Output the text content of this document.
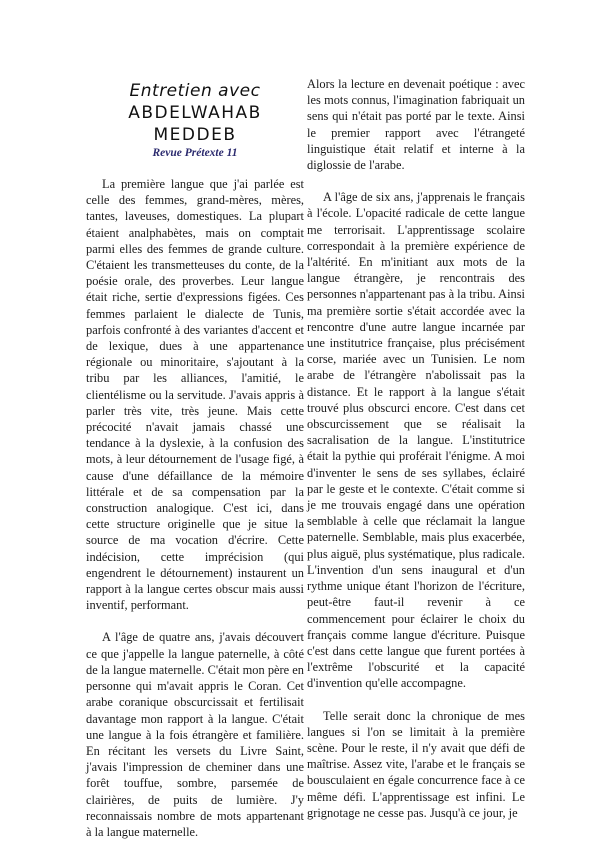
Entretien avec
ABDELWAHAB
MEDDEB
Revue Prétexte 11

La première langue que j'ai parlée est celle des femmes, grand-mères, mères, tantes, laveuses, domestiques. La plupart étaient analphabètes, mais on comptait parmi elles des femmes de grande culture. C'étaient les transmetteuses du conte, de la poésie orale, des proverbes. Leur langue était riche, sertie d'expressions figées. Ces femmes parlaient le dialecte de Tunis, parfois confronté à des variantes d'accent et de lexique, dues à une appartenance régionale ou minoritaire, s'ajoutant à la tribu par les alliances, l'amitié, le clientélisme ou la servitude. J'avais appris à parler très vite, très jeune. Mais cette précocité n'avait jamais chassé une tendance à la dyslexie, à la confusion des mots, à leur détournement de l'usage figé, à cause d'une défaillance de la mémoire littérale et de sa compensation par la construction analogique. C'est ici, dans cette structure originelle que je situe la source de ma vocation d'écrire. Cette indécision, cette imprécision (qui engendrent le détournement) instaurent un rapport à la langue certes obscur mais aussi inventif, performant.

A l'âge de quatre ans, j'avais découvert ce que j'appelle la langue paternelle, à côté de la langue maternelle. C'était mon père en personne qui m'avait appris le Coran. Cet arabe coranique obscurcissait et fertilisait davantage mon rapport à la langue. C'était une langue à la fois étrangère et familière. En récitant les versets du Livre Saint, j'avais l'impression de cheminer dans une forêt touffue, sombre, parsemée de clairières, de puits de lumière. J'y reconnaissais nombre de mots appartenant à la langue maternelle.

Alors la lecture en devenait poétique : avec les mots connus, l'imagination fabriquait un sens qui n'était pas porté par le texte. Ainsi le premier rapport avec l'étrangeté linguistique était relatif et interne à la diglossie de l'arabe.

A l'âge de six ans, j'apprenais le français à l'école. L'opacité radicale de cette langue me terrorisait. L'apprentissage scolaire correspondait à la première expérience de l'altérité. En m'initiant aux mots de la langue étrangère, je rencontrais des personnes n'appartenant pas à la tribu. Ainsi ma première sortie s'était accordée avec la rencontre d'une autre langue incarnée par une institutrice française, plus précisément corse, mariée avec un Tunisien. Le nom arabe de l'étrangère n'abolissait pas la distance. Et le rapport à la langue s'était trouvé plus obscurci encore. C'est dans cet obscurcissement que se réalisait la sacralisation de la langue. L'institutrice était la pythie qui proférait l'énigme. A moi d'inventer le sens de ses syllabes, éclairé par le geste et le contexte. C'était comme si je me trouvais engagé dans une opération semblable à celle que réclamait la langue paternelle. Semblable, mais plus exacerbée, plus aiguë, plus systématique, plus radicale. L'invention d'un sens inaugural et d'un rythme unique étant l'horizon de l'écriture, peut-être faut-il revenir à ce commencement pour éclairer le choix du français comme langue d'écriture. Puisque c'est dans cette langue que furent portées à l'extrême l'obscurité et la capacité d'invention qu'elle accompagne.

Telle serait donc la chronique de mes langues si l'on se limitait à la première scène. Pour le reste, il n'y avait que défi de maîtrise. Assez vite, l'arabe et le français se bousculaient en égale concurrence face à ce même défi. L'apprentissage est infini. Le grignotage ne cesse pas. Jusqu'à ce jour, je
